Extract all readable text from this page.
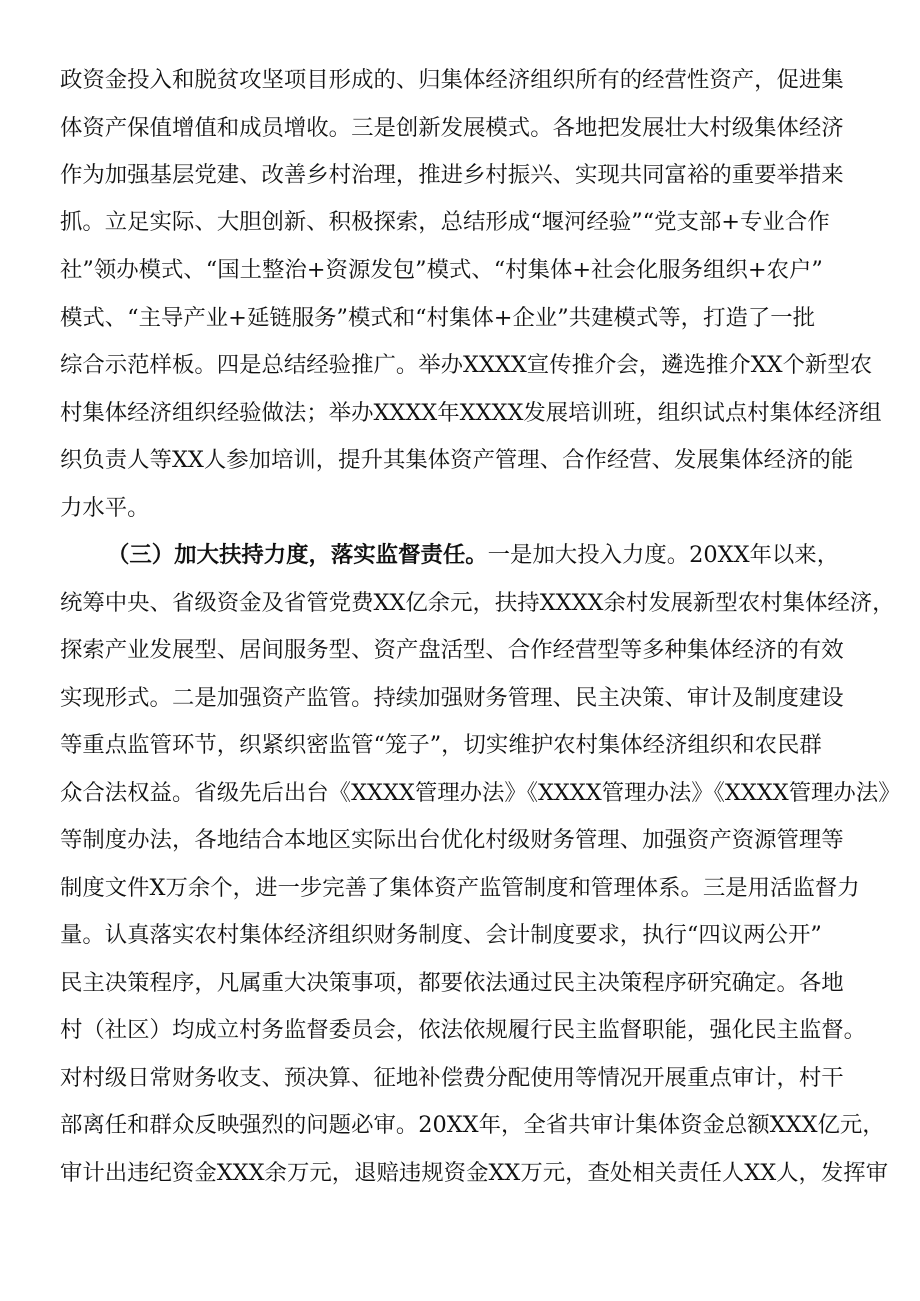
政资金投入和脱贫攻坚项目形成的、归集体经济组织所有的经营性资产，促进集
体资产保值增值和成员增收。三是创新发展模式。各地把发展壮大村级集体经济
作为加强基层党建、改善乡村治理，推进乡村振兴、实现共同富裕的重要举措来
抓。立足实际、大胆创新、积极探索，总结形成“堰河经验”“党支部+专业合作
社”领办模式、“国土整治+资源发包”模式、“村集体+社会化服务组织+农户”
模式、“主导产业+延链服务”模式和“村集体+企业”共建模式等，打造了一批
综合示范样板。四是总结经验推广。举办XXXX宣传推介会，遴选推介XX个新型农
村集体经济组织经验做法；举办XXXX年XXXX发展培训班，组织试点村集体经济组
织负责人等XX人参加培训，提升其集体资产管理、合作经营、发展集体经济的能
力水平。
（三）加大扶持力度，落实监督责任。一是加大投入力度。20XX年以来，
统筹中央、省级资金及省管党费XX亿余元，扶持XXXX余村发展新型农村集体经济，
探索产业发展型、居间服务型、资产盘活型、合作经营型等多种集体经济的有效
实现形式。二是加强资产监管。持续加强财务管理、民主决策、审计及制度建设
等重点监管环节，织紧织密监管“笼子”，切实维护农村集体经济组织和农民群
众合法权益。省级先后出台《XXXX管理办法》《XXXX管理办法》《XXXX管理办法》
等制度办法，各地结合本地区实际出台优化村级财务管理、加强资产资源管理等
制度文件X万余个，进一步完善了集体资产监管制度和管理体系。三是用活监督力
量。认真落实农村集体经济组织财务制度、会计制度要求，执行“四议两公开”
民主决策程序，凡属重大决策事项，都要依法通过民主决策程序研究确定。各地
村（社区）均成立村务监督委员会，依法依规履行民主监督职能，强化民主监督。
对村级日常财务收支、预决算、征地补偿费分配使用等情况开展重点审计，村干
部离任和群众反映强烈的问题必审。20XX年，全省共审计集体资金总额XXX亿元，
审计出违纪资金XXX余万元，退赔违规资金XX万元，查处相关责任人XX人，发挥审
